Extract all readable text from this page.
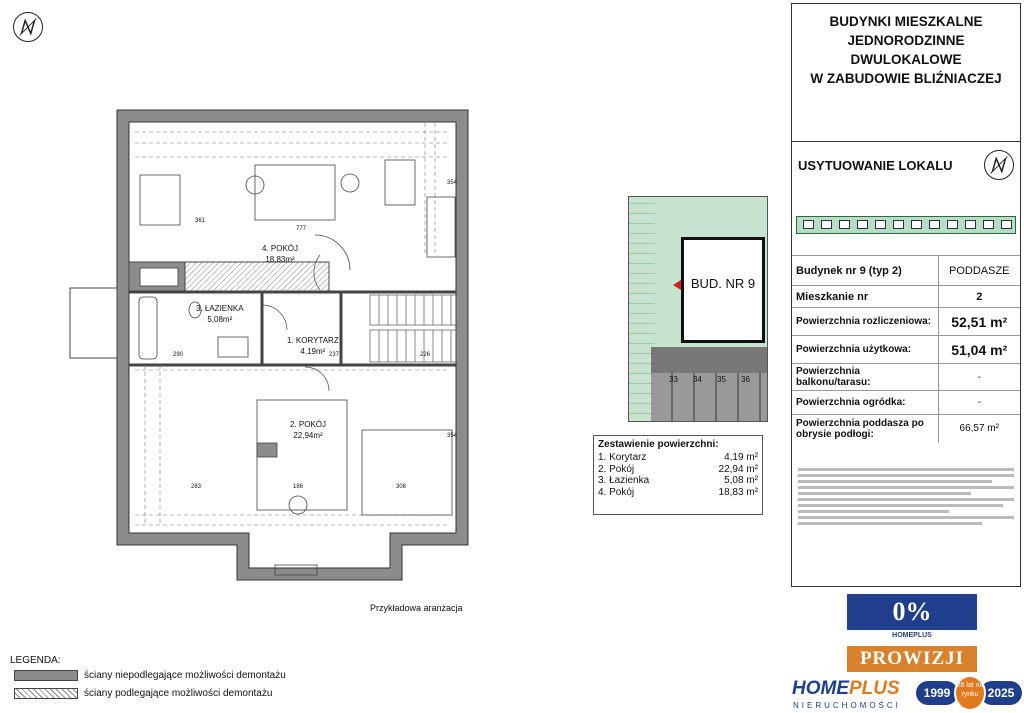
4. POKÓJ
18,83m²
3. ŁAZIENKA
5,08m²
1. KORYTARZ
4,19m²
2. POKÓJ
22,94m²
777
290	237	226
283	186	308
354
354
361
Przykładowa aranżacja
BUD. NR 9
33 34 35 36
Zestawienie powierzchni:
1. Korytarz	4,19 m²
2. Pokój	22,94 m²
3. Łazienka	5,08 m²
4. Pokój	18,83 m²
BUDYNKI MIESZKALNE
JEDNORODZINNE
DWULOKALOWE
W ZABUDOWIE BLIŹNIACZEJ
USYTUOWANIE LOKALU
Budynek nr 9 (typ 2)	PODDASZE
Mieszkanie nr	2
Powierzchnia rozliczeniowa:	52,51 m²
Powierzchnia użytkowa:	51,04 m²
Powierzchnia balkonu/tarasu:	-
Powierzchnia ogródka:	-
Powierzchnia poddasza po obrysie podłogi:	66,57 m²
LEGENDA:
ściany niepodlegające możliwości demontażu
ściany podlegające możliwości demontażu
0%
HOMEPLUS
PROWIZJI
HOMEPLUS
NIERUCHOMOŚCI
1999	2025
26 lat na rynku
